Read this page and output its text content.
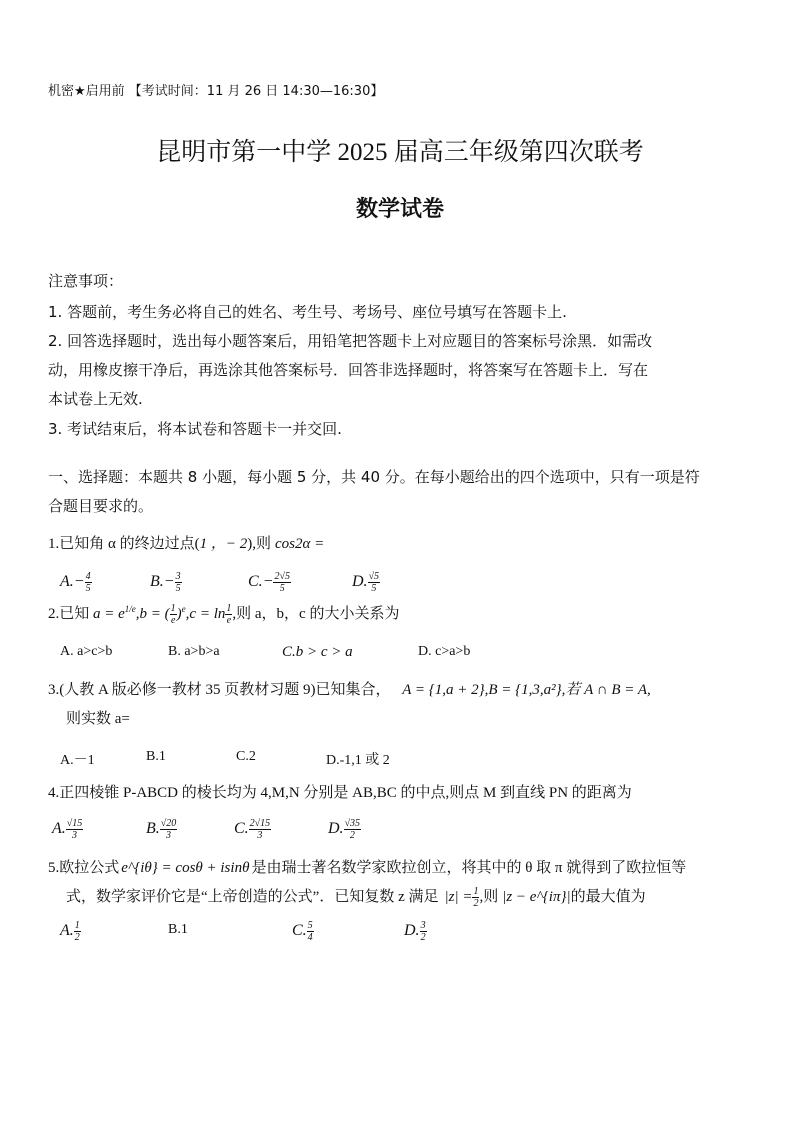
机密★启用前 【考试时间：11 月 26 日 14:30—16:30】
昆明市第一中学 2025 届高三年级第四次联考
数学试卷
注意事项：
1. 答题前，考生务必将自己的姓名、考生号、考场号、座位号填写在答题卡上.
2. 回答选择题时，选出每小题答案后，用铅笔把答题卡上对应题目的答案标号涂黑．如需改
动，用橡皮擦干净后，再选涂其他答案标号．回答非选择题时，将答案写在答题卡上．写在
本试卷上无效.
3. 考试结束后，将本试卷和答题卡一并交回.
一、选择题：本题共 8 小题，每小题 5 分，共 40 分。在每小题给出的四个选项中，只有一项是符
合题目要求的。
1.已知角 α 的终边过点(1 ，− 2),则 cos2α =
$A.- \frac{4}{5}$	$B.- \frac{3}{5}$	$C.- \frac{2√5}{5}$	D. $\frac{√5}{5}$
2.已知 $a = e^{1/e},b$ = ( $\frac{1}{e} )^e,c = \ln \frac{1}{e}$ ,则 a，b，c 的大小关系为
A. a>c>b	B. a>b>a	C.b > c > a	D. c>a>b
3.(人教 A 版必修一教材 35 页教材习题 9)已知集合， A = {1,a + 2},B = {1,3,a²},若 A ∩ B = A,
则实数 a=
A.－1	B.1	C.2	D.-1,1 或 2
4.正四棱锥 P-ABCD 的棱长均为 4,M,N 分别是 AB,BC 的中点,则点 M 到直线 PN 的距离为
A. $\frac{√15}{3}$	B. $\frac{√20}{3}$	C. $\frac{2√15}{3}$	D. $\frac{√35}{2}$
5.欧拉公式 e^{iθ} = cosθ + isinθ 是由瑞士著名数学家欧拉创立，将其中的 θ 取 π 就得到了欧拉恒等
式，数学家评价它是“上帝创造的公式”．已知复数 z 满足 $|z| = \frac{1}{2}$ ,则 |z − e^{iπ}|的最大值为
A. $\frac{1}{2}$	B.1	C. $\frac{5}{4}$	D. $\frac{3}{2}$
